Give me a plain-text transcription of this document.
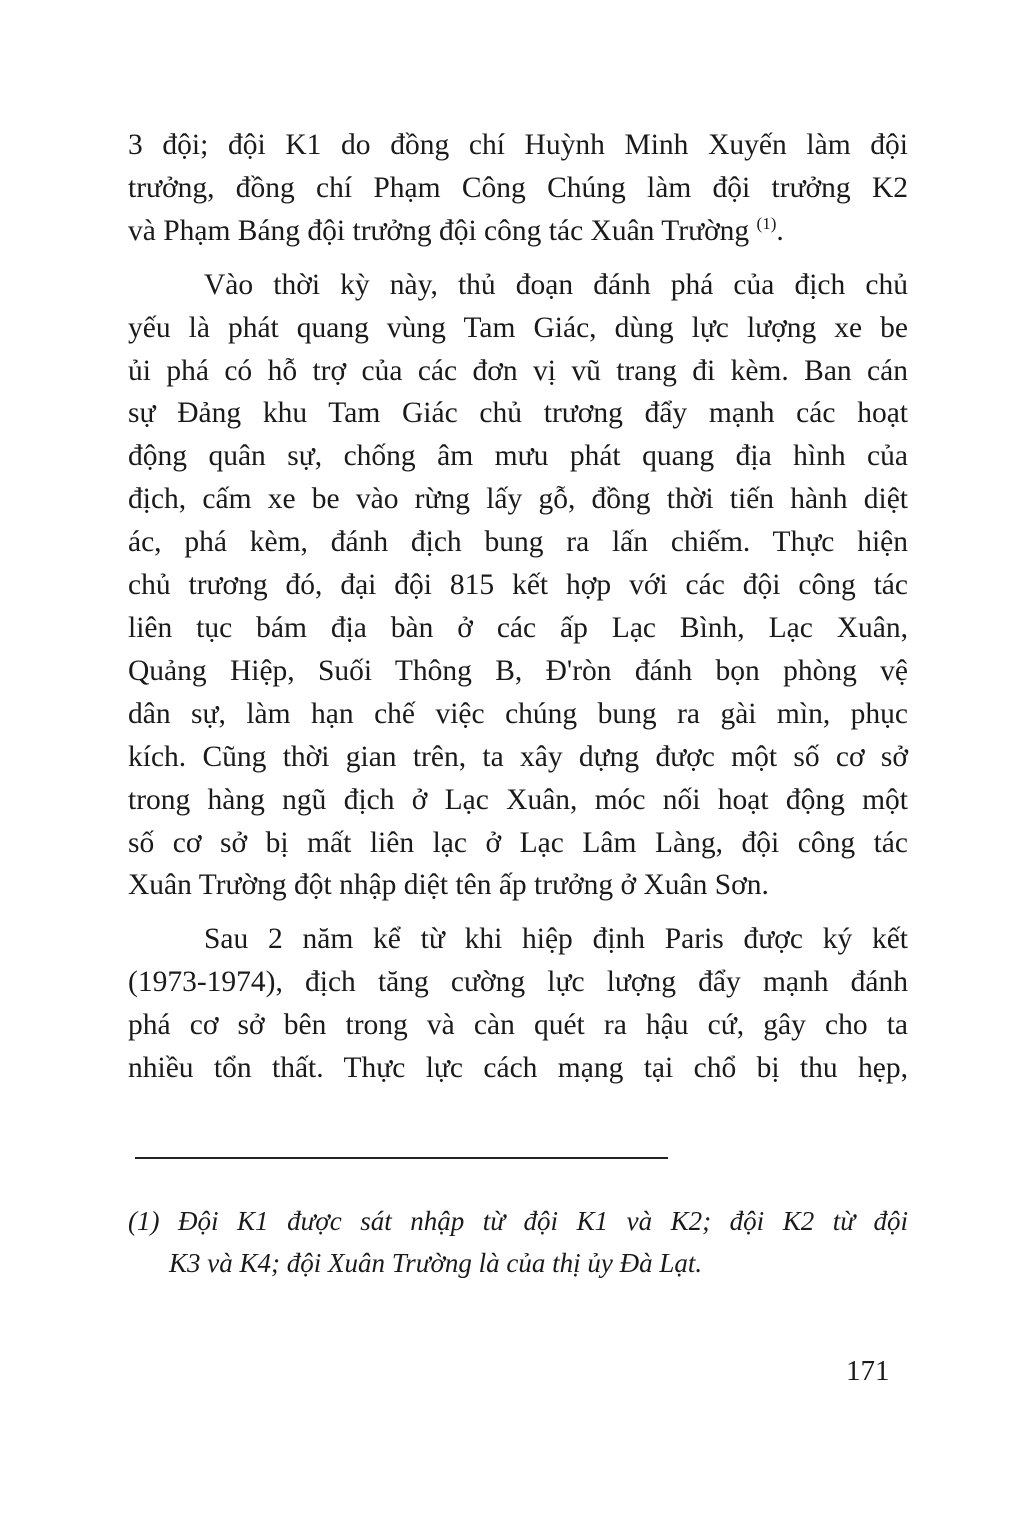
3 đội; đội K1 do đồng chí Huỳnh Minh Xuyến làm đội
trưởng, đồng chí Phạm Công Chúng làm đội trưởng K2
và Phạm Báng đội trưởng đội công tác Xuân Trường $^{(1)}$.

Vào thời kỳ này, thủ đoạn đánh phá của địch chủ
yếu là phát quang vùng Tam Giác, dùng lực lượng xe be
ủi phá có hỗ trợ của các đơn vị vũ trang đi kèm. Ban cán
sự Đảng khu Tam Giác chủ trương đẩy mạnh các hoạt
động quân sự, chống âm mưu phát quang địa hình của
địch, cấm xe be vào rừng lấy gỗ, đồng thời tiến hành diệt
ác, phá kèm, đánh địch bung ra lấn chiếm. Thực hiện
chủ trương đó, đại đội 815 kết hợp với các đội công tác
liên tục bám địa bàn ở các ấp Lạc Bình, Lạc Xuân,
Quảng Hiệp, Suối Thông B, Đ'ròn đánh bọn phòng vệ
dân sự, làm hạn chế việc chúng bung ra gài mìn, phục
kích. Cũng thời gian trên, ta xây dựng được một số cơ sở
trong hàng ngũ địch ở Lạc Xuân, móc nối hoạt động một
số cơ sở bị mất liên lạc ở Lạc Lâm Làng, đội công tác
Xuân Trường đột nhập diệt tên ấp trưởng ở Xuân Sơn.

Sau 2 năm kể từ khi hiệp định Paris được ký kết
(1973-1974), địch tăng cường lực lượng đẩy mạnh đánh
phá cơ sở bên trong và càn quét ra hậu cứ, gây cho ta
nhiều tổn thất. Thực lực cách mạng tại chổ bị thu hẹp,

(1) Đội K1 được sát nhập từ đội K1 và K2; đội K2 từ đội
K3 và K4; đội Xuân Trường là của thị ủy Đà Lạt.
171
